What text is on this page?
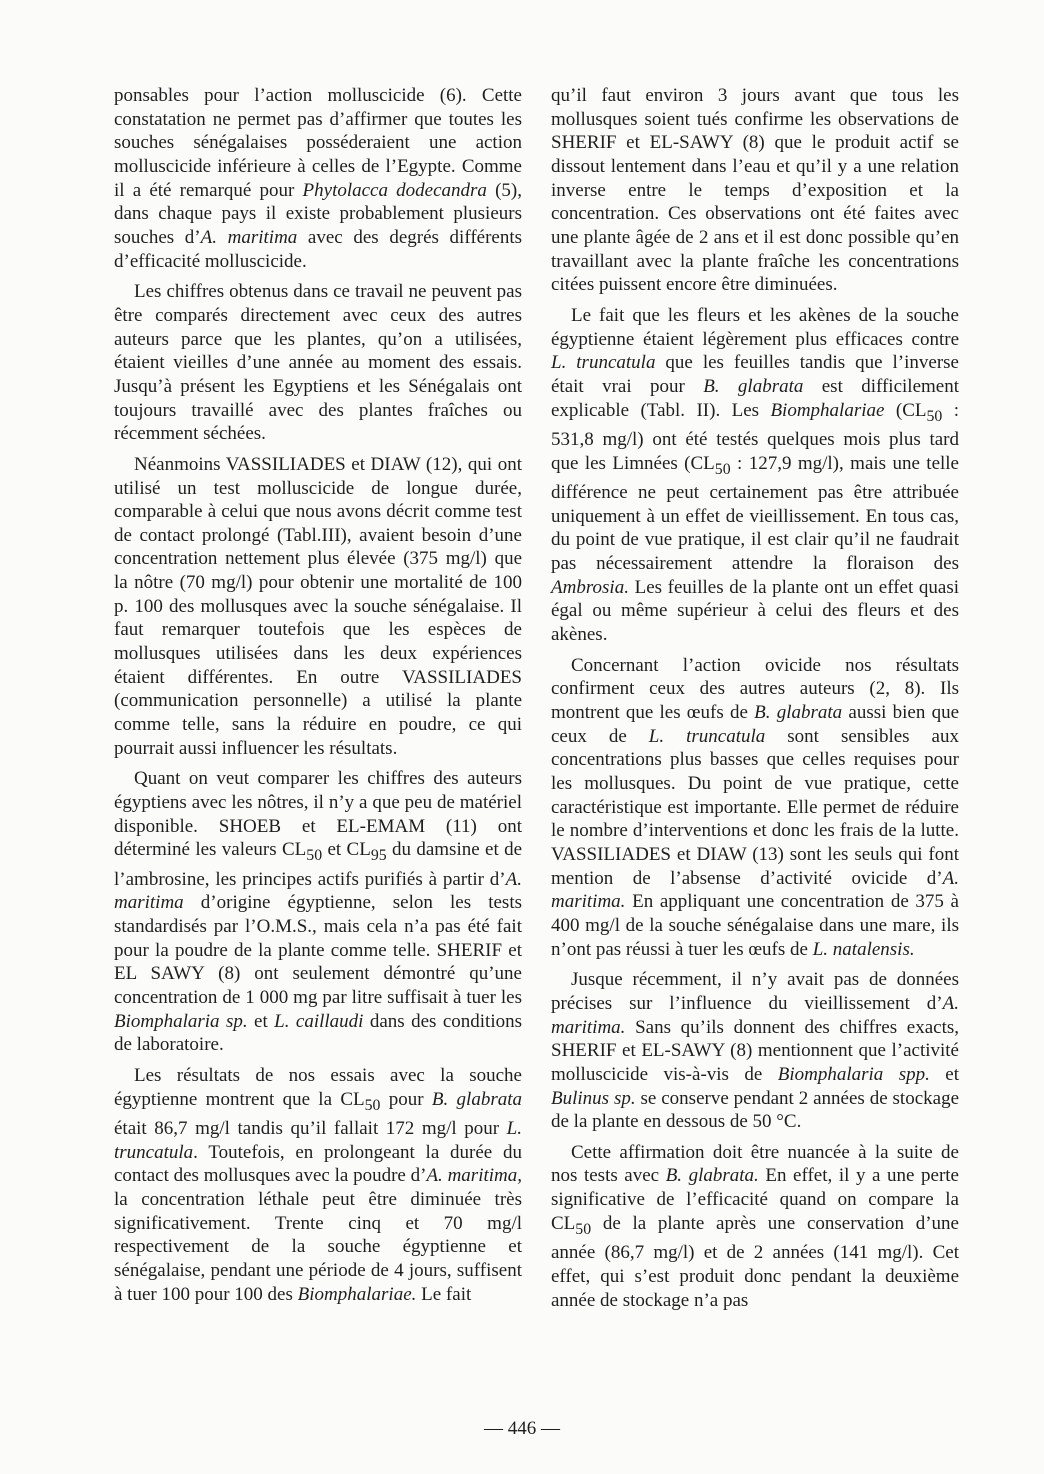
ponsables pour l’action molluscicide (6). Cette constatation ne permet pas d’affirmer que toutes les souches sénégalaises posséderaient une action molluscicide inférieure à celles de l’Egypte. Comme il a été remarqué pour Phytolacca dodecandra (5), dans chaque pays il existe probablement plusieurs souches d’A. maritima avec des degrés différents d’efficacité molluscicide.

Les chiffres obtenus dans ce travail ne peuvent pas être comparés directement avec ceux des autres auteurs parce que les plantes, qu’on a utilisées, étaient vieilles d’une année au moment des essais. Jusqu’à présent les Egyptiens et les Sénégalais ont toujours travaillé avec des plantes fraîches ou récemment séchées.

Néanmoins VASSILIADES et DIAW (12), qui ont utilisé un test molluscicide de longue durée, comparable à celui que nous avons décrit comme test de contact prolongé (Tabl.III), avaient besoin d’une concentration nettement plus élevée (375 mg/l) que la nôtre (70 mg/l) pour obtenir une mortalité de 100 p. 100 des mollusques avec la souche sénégalaise. Il faut remarquer toutefois que les espèces de mollusques utilisées dans les deux expériences étaient différentes. En outre VASSILIADES (communication personnelle) a utilisé la plante comme telle, sans la réduire en poudre, ce qui pourrait aussi influencer les résultats.

Quant on veut comparer les chiffres des auteurs égyptiens avec les nôtres, il n’y a que peu de matériel disponible. SHOEB et EL-EMAM (11) ont déterminé les valeurs $CL_{50}$ et $CL_{95}$ du damsine et de l’ambrosine, les principes actifs purifiés à partir d’A. maritima d’origine égyptienne, selon les tests standardisés par l’O.M.S., mais cela n’a pas été fait pour la poudre de la plante comme telle. SHERIF et EL SAWY (8) ont seulement démontré qu’une concentration de 1 000 mg par litre suffisait à tuer les Biomphalaria sp. et L. caillaudi dans des conditions de laboratoire.

Les résultats de nos essais avec la souche égyptienne montrent que la $CL_{50}$ pour B. glabrata était 86,7 mg/l tandis qu’il fallait 172 mg/l pour L. truncatula. Toutefois, en prolongeant la durée du contact des mollusques avec la poudre d’A. maritima, la concentration léthale peut être diminuée très significativement. Trente cinq et 70 mg/l respectivement de la souche égyptienne et sénégalaise, pendant une période de 4 jours, suffisent à tuer 100 pour 100 des Biomphalariae. Le fait

qu’il faut environ 3 jours avant que tous les mollusques soient tués confirme les observations de SHERIF et EL-SAWY (8) que le produit actif se dissout lentement dans l’eau et qu’il y a une relation inverse entre le temps d’exposition et la concentration. Ces observations ont été faites avec une plante âgée de 2 ans et il est donc possible qu’en travaillant avec la plante fraîche les concentrations citées puissent encore être diminuées.

Le fait que les fleurs et les akènes de la souche égyptienne étaient légèrement plus efficaces contre L. truncatula que les feuilles tandis que l’inverse était vrai pour B. glabrata est difficilement explicable (Tabl. II). Les Biomphalariae ($CL_{50}$ : 531,8 mg/l) ont été testés quelques mois plus tard que les Limnées ($CL_{50}$ : 127,9 mg/l), mais une telle différence ne peut certainement pas être attribuée uniquement à un effet de vieillissement. En tous cas, du point de vue pratique, il est clair qu’il ne faudrait pas nécessairement attendre la floraison des Ambrosia. Les feuilles de la plante ont un effet quasi égal ou même supérieur à celui des fleurs et des akènes.

Concernant l’action ovicide nos résultats confirment ceux des autres auteurs (2, 8). Ils montrent que les œufs de B. glabrata aussi bien que ceux de L. truncatula sont sensibles aux concentrations plus basses que celles requises pour les mollusques. Du point de vue pratique, cette caractéristique est importante. Elle permet de réduire le nombre d’interventions et donc les frais de la lutte. VASSILIADES et DIAW (13) sont les seuls qui font mention de l’absense d’activité ovicide d’A. maritima. En appliquant une concentration de 375 à 400 mg/l de la souche sénégalaise dans une mare, ils n’ont pas réussi à tuer les œufs de L. natalensis.

Jusque récemment, il n’y avait pas de données précises sur l’influence du vieillissement d’A. maritima. Sans qu’ils donnent des chiffres exacts, SHERIF et EL-SAWY (8) mentionnent que l’activité molluscicide vis-à-vis de Biomphalaria spp. et Bulinus sp. se conserve pendant 2 années de stockage de la plante en dessous de 50 °C.

Cette affirmation doit être nuancée à la suite de nos tests avec B. glabrata. En effet, il y a une perte significative de l’efficacité quand on compare la $CL_{50}$ de la plante après une conservation d’une année (86,7 mg/l) et de 2 années (141 mg/l). Cet effet, qui s’est produit donc pendant la deuxième année de stockage n’a pas

— 446 —
